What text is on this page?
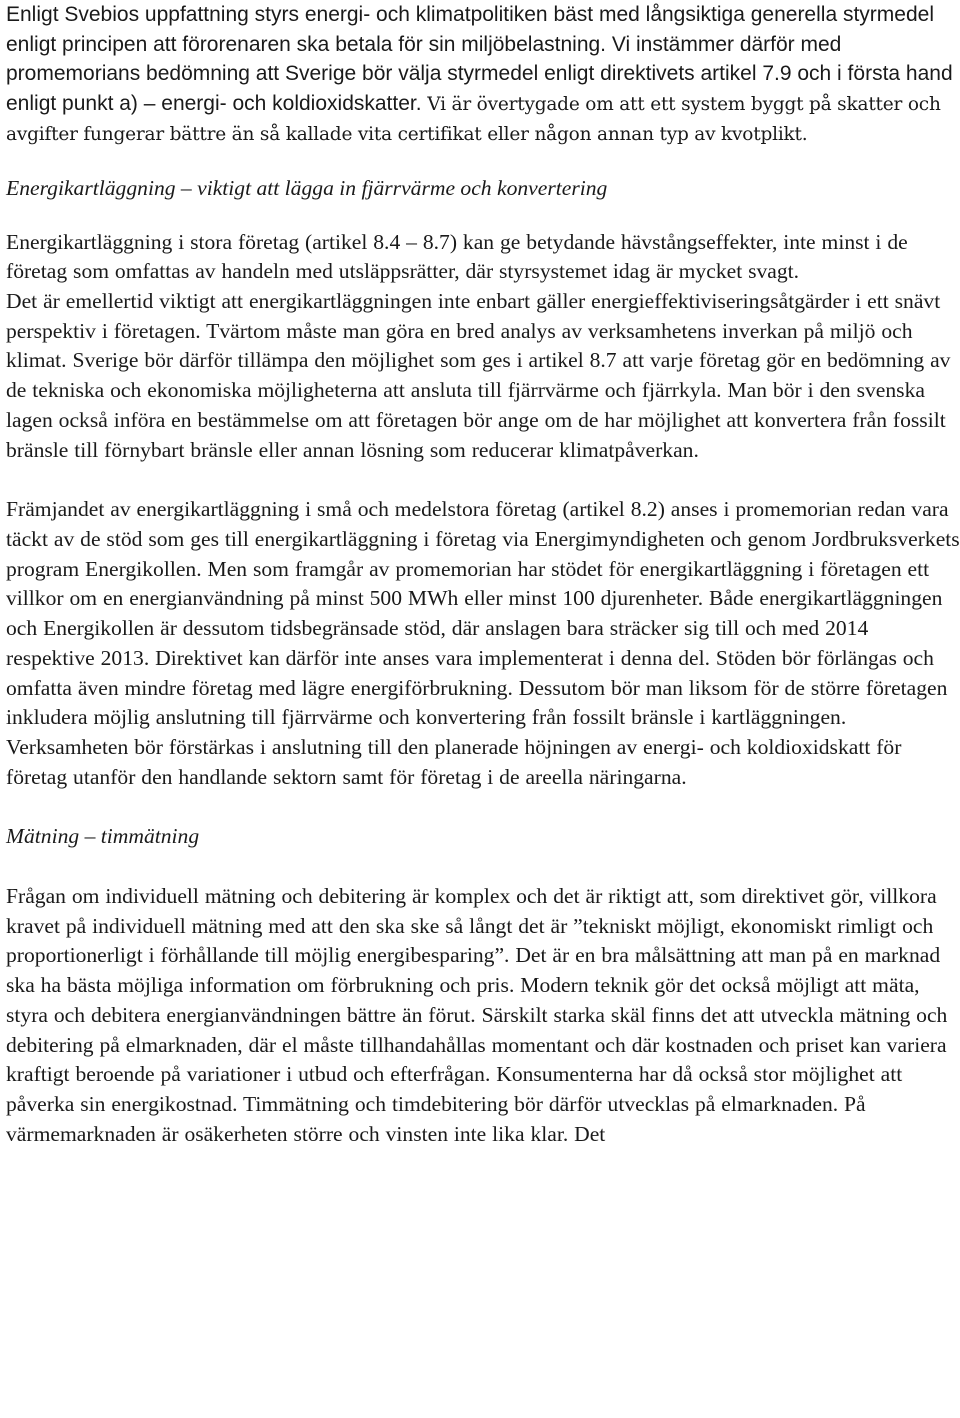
Enligt Svebios uppfattning styrs energi- och klimatpolitiken bäst med långsiktiga generella styrmedel enligt principen att förorenaren ska betala för sin miljöbelastning. Vi instämmer därför med promemorians bedömning att Sverige bör välja styrmedel enligt direktivets artikel 7.9 och i första hand enligt punkt a) – energi- och koldioxidskatter. Vi är övertygade om att ett system byggt på skatter och avgifter fungerar bättre än så kallade vita certifikat eller någon annan typ av kvotplikt.

Energikartläggning – viktigt att lägga in fjärrvärme och konvertering

Energikartläggning i stora företag (artikel 8.4 – 8.7) kan ge betydande hävstångseffekter, inte minst i de företag som omfattas av handeln med utsläppsrätter, där styrsystemet idag är mycket svagt.

Det är emellertid viktigt att energikartläggningen inte enbart gäller energieffektiviseringsåtgärder i ett snävt perspektiv i företagen. Tvärtom måste man göra en bred analys av verksamhetens inverkan på miljö och klimat. Sverige bör därför tillämpa den möjlighet som ges i artikel 8.7 att varje företag gör en bedömning av de tekniska och ekonomiska möjligheterna att ansluta till fjärrvärme och fjärrkyla. Man bör i den svenska lagen också införa en bestämmelse om att företagen bör ange om de har möjlighet att konvertera från fossilt bränsle till förnybart bränsle eller annan lösning som reducerar klimatpåverkan.

Främjandet av energikartläggning i små och medelstora företag (artikel 8.2) anses i promemorian redan vara täckt av de stöd som ges till energikartläggning i företag via Energimyndigheten och genom Jordbruksverkets program Energikollen. Men som framgår av promemorian har stödet för energikartläggning i företagen ett villkor om en energianvändning på minst 500 MWh eller minst 100 djurenheter. Både energikartläggningen och Energikollen är dessutom tidsbegränsade stöd, där anslagen bara sträcker sig till och med 2014 respektive 2013. Direktivet kan därför inte anses vara implementerat i denna del. Stöden bör förlängas och omfatta även mindre företag med lägre energiförbrukning. Dessutom bör man liksom för de större företagen inkludera möjlig anslutning till fjärrvärme och konvertering från fossilt bränsle i kartläggningen. Verksamheten bör förstärkas i anslutning till den planerade höjningen av energi- och koldioxidskatt för företag utanför den handlande sektorn samt för företag i de areella näringarna.

Mätning – timmätning

Frågan om individuell mätning och debitering är komplex och det är riktigt att, som direktivet gör, villkora kravet på individuell mätning med att den ska ske så långt det är ”tekniskt möjligt, ekonomiskt rimligt och proportionerligt i förhållande till möjlig energibesparing”. Det är en bra målsättning att man på en marknad ska ha bästa möjliga information om förbrukning och pris. Modern teknik gör det också möjligt att mäta, styra och debitera energianvändningen bättre än förut. Särskilt starka skäl finns det att utveckla mätning och debitering på elmarknaden, där el måste tillhandahållas momentant och där kostnaden och priset kan variera kraftigt beroende på variationer i utbud och efterfrågan. Konsumenterna har då också stor möjlighet att påverka sin energikostnad. Timmätning och timdebitering bör därför utvecklas på elmarknaden. På värmemarknaden är osäkerheten större och vinsten inte lika klar. Det
